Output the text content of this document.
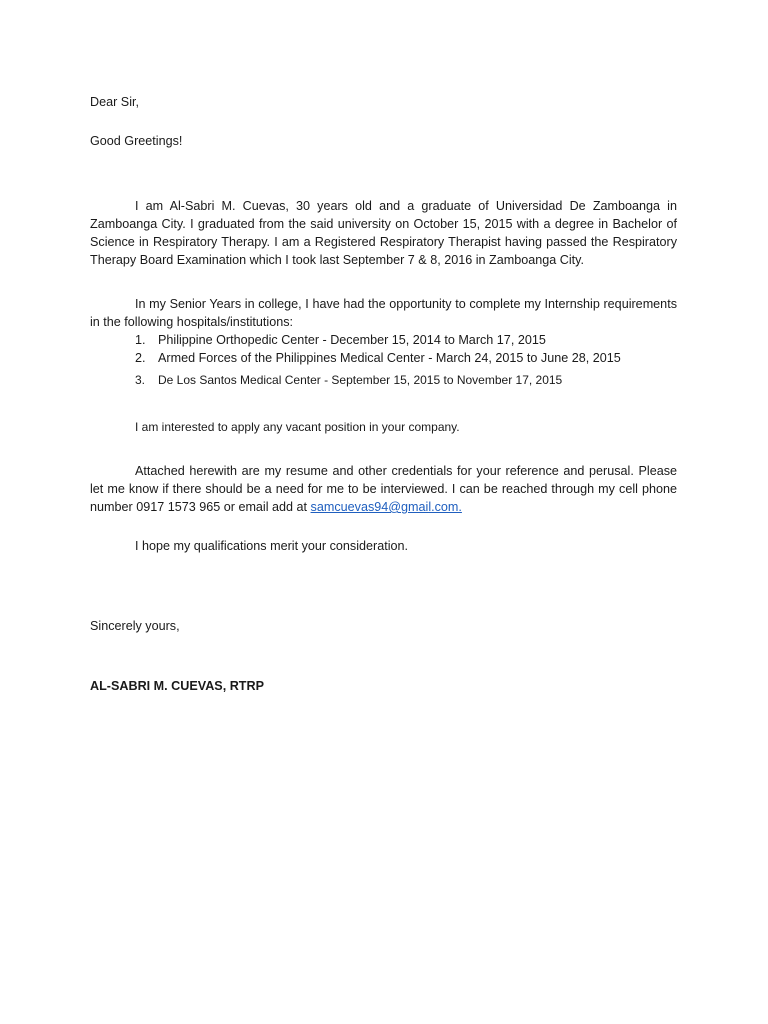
Dear Sir,
Good Greetings!
I am Al-Sabri M. Cuevas, 30 years old and a graduate of Universidad De Zamboanga in Zamboanga City. I graduated from the said university on October 15, 2015 with a degree in Bachelor of Science in Respiratory Therapy. I am a Registered Respiratory Therapist having passed the Respiratory Therapy Board Examination which I took last September 7 & 8, 2016 in Zamboanga City.
In my Senior Years in college, I have had the opportunity to complete my Internship requirements in the following hospitals/institutions:
1. Philippine Orthopedic Center - December 15, 2014 to March 17, 2015
2. Armed Forces of the Philippines Medical Center - March 24, 2015 to June 28, 2015
3.	De Los Santos Medical Center - September 15, 2015 to November 17, 2015
I am interested to apply any vacant position in your company.
Attached herewith are my resume and other credentials for your reference and perusal. Please let me know if there should be a need for me to be interviewed. I can be reached through my cell phone number 0917 1573 965 or email add at samcuevas94@gmail.com.
I hope my qualifications merit your consideration.
Sincerely yours,
AL-SABRI M. CUEVAS, RTRP
